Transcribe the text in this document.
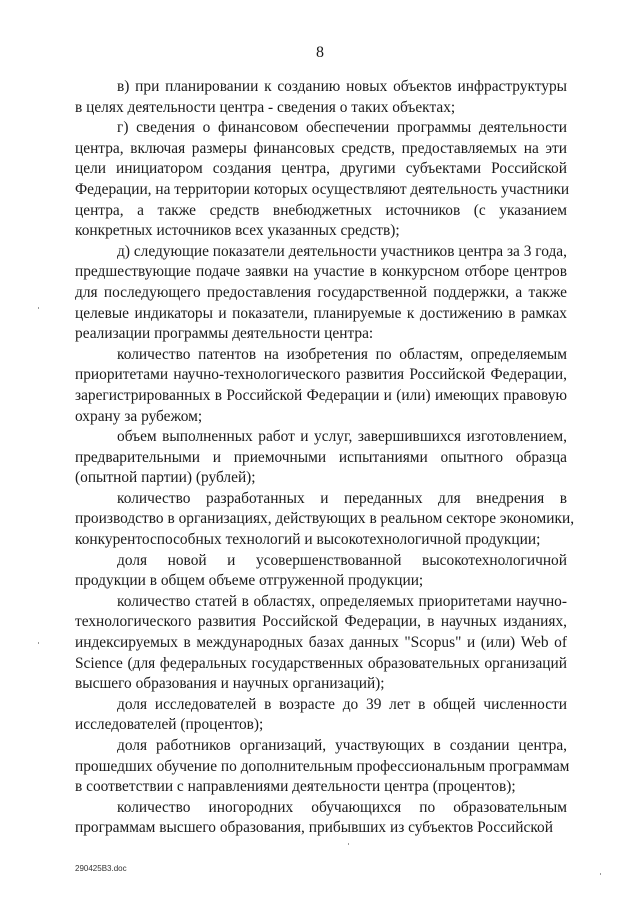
8
в) при планировании к созданию новых объектов инфраструктуры
в целях деятельности центра - сведения о таких объектах;
г) сведения о финансовом обеспечении программы деятельности
центра, включая размеры финансовых средств, предоставляемых на эти
цели инициатором создания центра, другими субъектами Российской
Федерации, на территории которых осуществляют деятельность участники
центра, а также средств внебюджетных источников (с указанием
конкретных источников всех указанных средств);
д) следующие показатели деятельности участников центра за 3 года,
предшествующие подаче заявки на участие в конкурсном отборе центров
для последующего предоставления государственной поддержки, а также
целевые индикаторы и показатели, планируемые к достижению в рамках
реализации программы деятельности центра:
количество патентов на изобретения по областям, определяемым
приоритетами научно-технологического развития Российской Федерации,
зарегистрированных в Российской Федерации и (или) имеющих правовую
охрану за рубежом;
объем выполненных работ и услуг, завершившихся изготовлением,
предварительными и приемочными испытаниями опытного образца
(опытной партии) (рублей);
количество разработанных и переданных для внедрения в
производство в организациях, действующих в реальном секторе экономики,
конкурентоспособных технологий и высокотехнологичной продукции;
доля новой и усовершенствованной высокотехнологичной
продукции в общем объеме отгруженной продукции;
количество статей в областях, определяемых приоритетами научно-
технологического развития Российской Федерации, в научных изданиях,
индексируемых в международных базах данных "Scopus" и (или) Web of
Science (для федеральных государственных образовательных организаций
высшего образования и научных организаций);
доля исследователей в возрасте до 39 лет в общей численности
исследователей (процентов);
доля работников организаций, участвующих в создании центра,
прошедших обучение по дополнительным профессиональным программам
в соответствии с направлениями деятельности центра (процентов);
количество иногородних обучающихся по образовательным
программам высшего образования, прибывших из субъектов Российской
290425B3.doc
